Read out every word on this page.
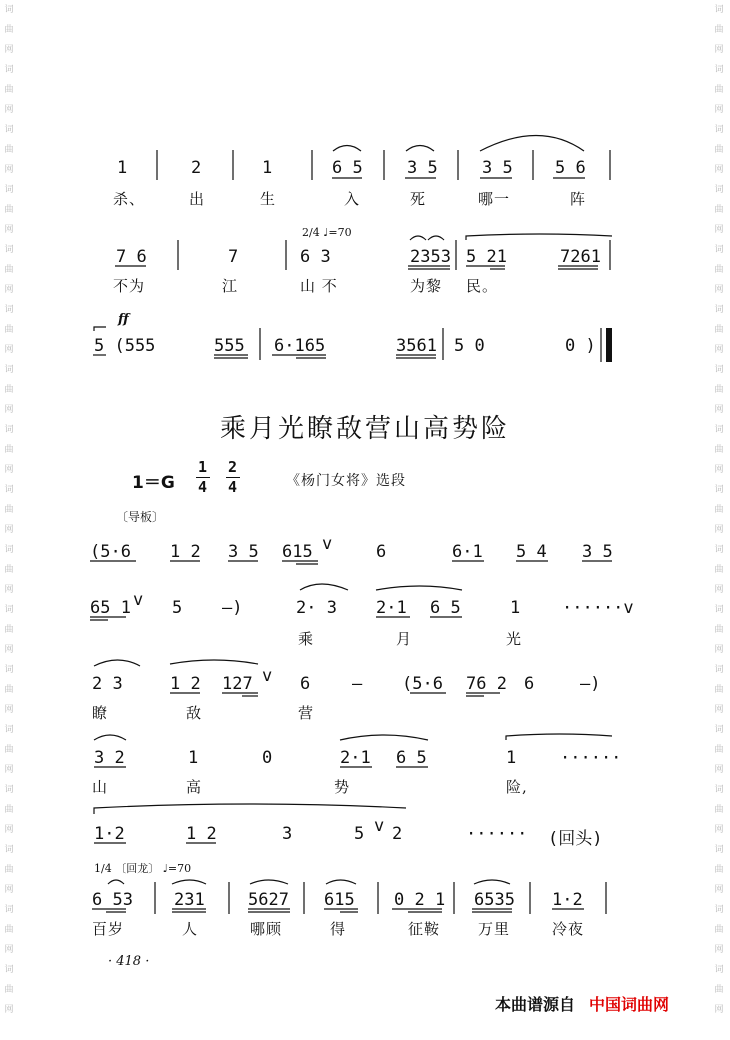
词
曲
网
词
曲
网
词
曲
网
词
曲
网
词
曲
网
词
曲
网
词
曲
网
词
曲
网
词
曲
网
词
曲
网
词
曲
网
词
曲
网
词
曲
网
词
曲
网
词
曲
网
词
曲
网
词
曲
网

词
曲
网
词
曲
网
词
曲
网
词
曲
网
词
曲
网
词
曲
网
词
曲
网
词
曲
网
词
曲
网
词
曲
网
词
曲
网
词
曲
网
词
曲
网
词
曲
网
词
曲
网
词
曲
网
词
曲
网

1	2	1	6 5	3 5	3 5 5 6
杀、	出	生	入	死	哪一	阵
7 6	7	6 3	2353 5 21	7261
不为	江	山 不	为黎 民。
5 (555	555 6·165	3561 5 0	0 )
(5·6 1 2 3 5 615 v	6	6·1 5 4 3 5
65 1 v 5 —)	2· 3 2·1 6 5	1 ······v
乘	月	光
2 3	1 2 127 v 6 — (5·6 76 2 6	—)
瞭	敌	营
3 2	1	0	2·1 6 5	1	······
山	高	势	险,
1·2	1 2	3	5 v 2	······ (回头)
6 53 231	5627 615 0 2 1 6535 1·2
百岁	人	哪顾	得	征鞍	万里	冷夜
2/4 ♩=70
ff
乘月光瞭敌营山高势险
1＝G
1
4
2
4	《杨门女将》选段
〔导板〕
1/4 〔回龙〕 ♩=70
· 418 ·
本曲谱源自 中国词曲网
